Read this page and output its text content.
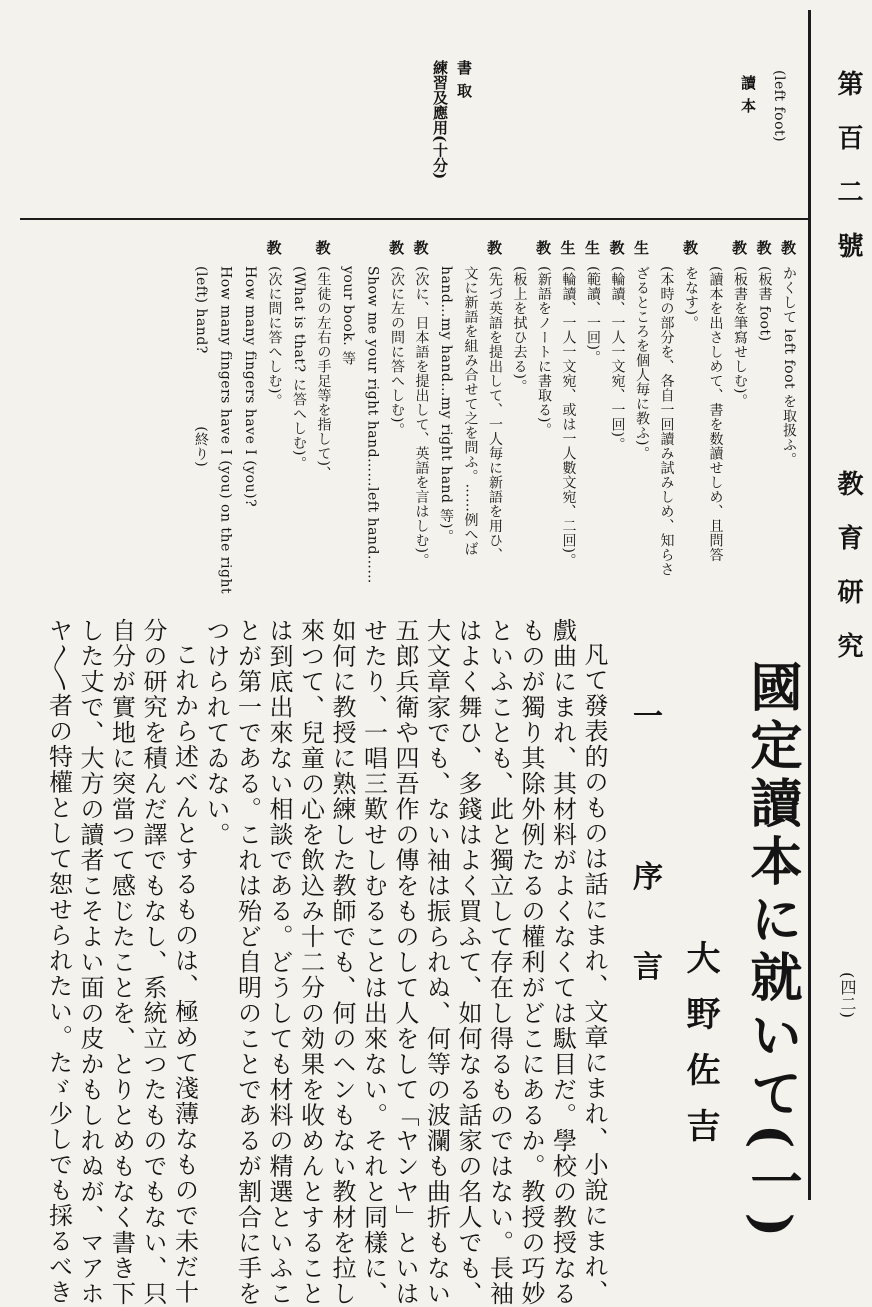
第百二號

教育研究

(四二)

(left foot)

讀本

書取

練習及應用(十分)

教

かくして left foot を取扱ふ。

教

(板書 foot)

教

(板書を筆寫せしむ)。

(讀本を出さしめて、書を数讀せしめ、且問答

教

をなす)。

(本時の部分を、各自一回讀み試みしめ、知らさ

生

ざるところを個人毎に教ふ)。

教

(輪讀、一人一文宛、一回)。

生

(範讀、一回)。

生

(輪讀、一人一文宛、或は一人數文宛、二回)。

教

(新語をノートに書取る)。

(板上を拭ひ去る)。

教

(先づ英語を提出して、一人毎に新語を用ひ、

文に新語を組み合せて之を問ふ。……例へば

hand…my hand…my right hand 等)。

教

(次に、日本語を提出して、英語を言はしむ)。

教

(次に左の問に答へしむ)。

Show me your right hand……left hand……

your book. 等

教

(生徒の左右の手足等を指して)、

(What is that? に答へしむ)。

教

(次に問に答へしむ)。

How many fingers have I (you)?

How many fingers have I (you) on the right

(left) hand?　　　　　(終り)

國定讀本に就いて(一)

大野佐吉

一 序言

凡て發表的のものは話にまれ、文章にまれ、小說にまれ、

戲曲にまれ、其材料がよくなくては駄目だ。學校の教授なる

ものが獨り其除外例たるの權利がどこにあるか。教授の巧妙

といふことも、此と獨立して存在し得るものではない。長袖

はよく舞ひ、多錢はよく買ふて、如何なる話家の名人でも、

大文章家でも、ない袖は振られぬ、何等の波瀾も曲折もない

五郎兵衛や四吾作の傳をものして人をして「ヤンヤ」といは

せたり、一唱三歎せしむることは出來ない。それと同樣に、

如何に教授に熟練した教師でも、何のヘンもない教材を拉し

來つて、兒童の心を飲込み十二分の効果を收めんとすること

は到底出來ない相談である。どうしても材料の精選といふこ

とが第一である。これは殆ど自明のことであるが割合に手を

つけられてゐない。

これから述べんとするものは、極めて淺薄なもので未だ十

分の研究を積んだ譯でもなし、系統立つたものでもない、只

自分が實地に突當つて感じたことを、とりとめもなく書き下

した丈で、大方の讀者こそよい面の皮かもしれぬが、マアホ

ヤ〳〵者の特權として恕せられたい。たゞ少しでも採るべき
